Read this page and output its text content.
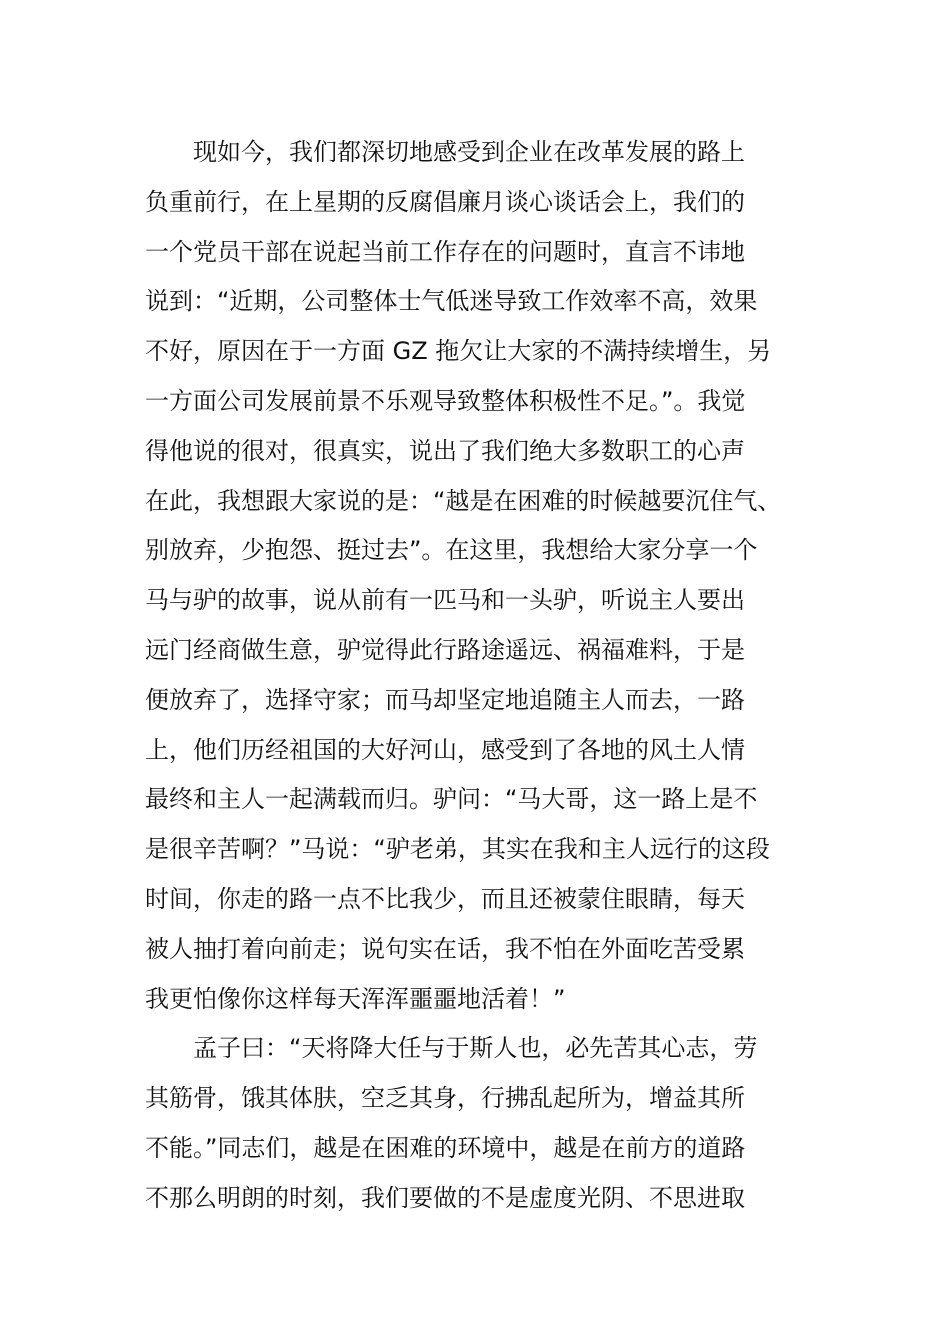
现如今，我们都深切地感受到企业在改革发展的路上
负重前行，在上星期的反腐倡廉月谈心谈话会上，我们的
一个党员干部在说起当前工作存在的问题时，直言不讳地
说到：“近期，公司整体士气低迷导致工作效率不高，效果
不好，原因在于一方面 GZ 拖欠让大家的不满持续增生，另
一方面公司发展前景不乐观导致整体积极性不足。”。我觉
得他说的很对，很真实，说出了我们绝大多数职工的心声
在此，我想跟大家说的是：“越是在困难的时候越要沉住气、
别放弃，少抱怨、挺过去”。在这里，我想给大家分享一个
马与驴的故事，说从前有一匹马和一头驴，听说主人要出
远门经商做生意，驴觉得此行路途遥远、祸福难料，于是
便放弃了，选择守家；而马却坚定地追随主人而去，一路
上，他们历经祖国的大好河山，感受到了各地的风土人情
最终和主人一起满载而归。驴问：“马大哥，这一路上是不
是很辛苦啊？”马说：“驴老弟，其实在我和主人远行的这段
时间，你走的路一点不比我少，而且还被蒙住眼睛，每天
被人抽打着向前走；说句实在话，我不怕在外面吃苦受累
我更怕像你这样每天浑浑噩噩地活着！”
孟子曰：“天将降大任与于斯人也，必先苦其心志，劳
其筋骨，饿其体肤，空乏其身，行拂乱起所为，增益其所
不能。”同志们，越是在困难的环境中，越是在前方的道路
不那么明朗的时刻，我们要做的不是虚度光阴、不思进取
